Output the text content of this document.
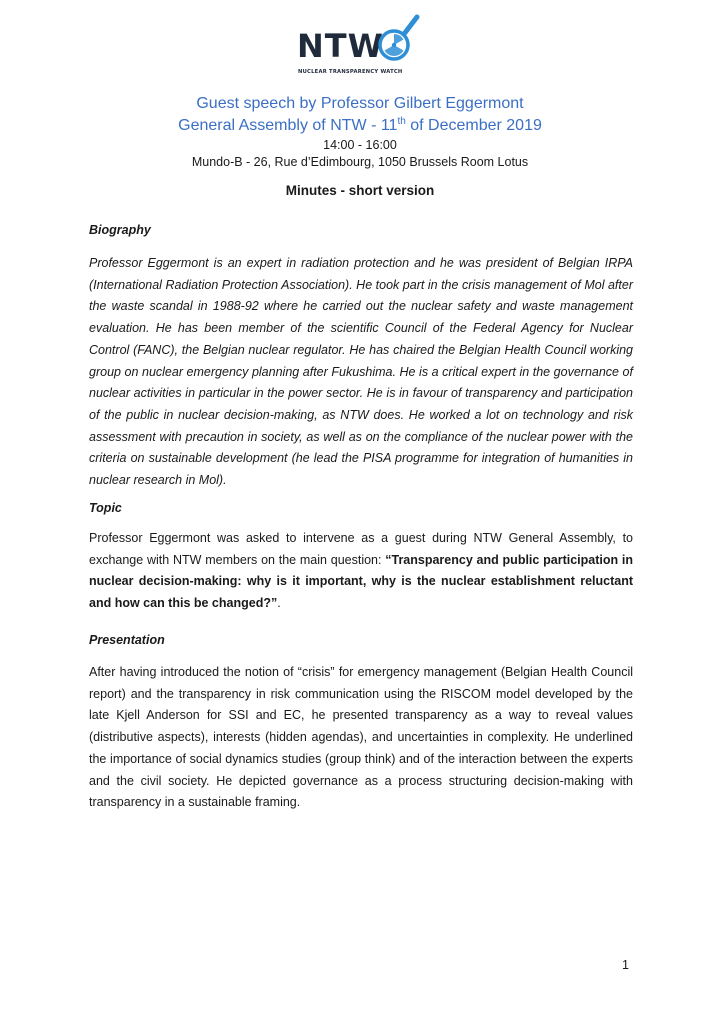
NTW
NUCLEAR TRANSPARENCY WATCH
Guest speech by Professor Gilbert Eggermont
General Assembly of NTW - 11th of December 2019
14:00 - 16:00
Mundo-B - 26, Rue d’Edimbourg, 1050 Brussels Room Lotus
Minutes - short version
Biography

Professor Eggermont is an expert in radiation protection and he was president of Belgian IRPA (International Radiation Protection Association). He took part in the crisis management of Mol after the waste scandal in 1988-92 where he carried out the nuclear safety and waste management evaluation. He has been member of the scientific Council of the Federal Agency for Nuclear Control (FANC), the Belgian nuclear regulator. He has chaired the Belgian Health Council working group on nuclear emergency planning after Fukushima. He is a critical expert in the governance of nuclear activities in particular in the power sector. He is in favour of transparency and participation of the public in nuclear decision-making, as NTW does. He worked a lot on technology and risk assessment with precaution in society, as well as on the compliance of the nuclear power with the criteria on sustainable development (he lead the PISA programme for integration of humanities in nuclear research in Mol).

Topic

Professor Eggermont was asked to intervene as a guest during NTW General Assembly, to exchange with NTW members on the main question: “Transparency and public participation in nuclear decision-making: why is it important, why is the nuclear establishment reluctant and how can this be changed?”.

Presentation

After having introduced the notion of “crisis” for emergency management (Belgian Health Council report) and the transparency in risk communication using the RISCOM model developed by the late Kjell Anderson for SSI and EC, he presented transparency as a way to reveal values (distributive aspects), interests (hidden agendas), and uncertainties in complexity. He underlined the importance of social dynamics studies (group think) and of the interaction between the experts and the civil society. He depicted governance as a process structuring decision-making with transparency in a sustainable framing.

1
